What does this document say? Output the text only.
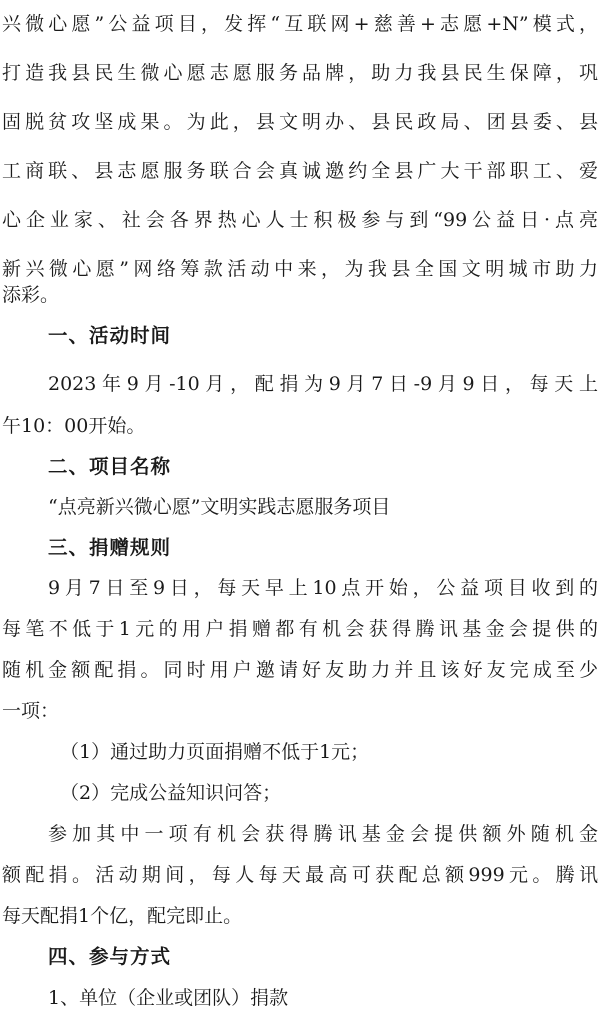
兴微心愿”公益项目，发挥“互联网+慈善+志愿+N”模式，
打造我县民生微心愿志愿服务品牌，助力我县民生保障，巩
固脱贫攻坚成果。为此，县文明办、县民政局、团县委、县
工商联、县志愿服务联合会真诚邀约全县广大干部职工、爱
心企业家、社会各界热心人士积极参与到“99公益日·点亮
新兴微心愿”网络筹款活动中来，为我县全国文明城市助力
添彩。
一、活动时间
2023年9月-10月，配捐为9月7日-9月9日，每天上
午10：00开始。
二、项目名称
“点亮新兴微心愿”文明实践志愿服务项目
三、捐赠规则
9月7日至9日，每天早上10点开始，公益项目收到的
每笔不低于1元的用户捐赠都有机会获得腾讯基金会提供的
随机金额配捐。同时用户邀请好友助力并且该好友完成至少
一项：
（1）通过助力页面捐赠不低于1元；
（2）完成公益知识问答；
参加其中一项有机会获得腾讯基金会提供额外随机金
额配捐。活动期间，每人每天最高可获配总额999元。腾讯
每天配捐1个亿，配完即止。
四、参与方式
1、单位（企业或团队）捐款
